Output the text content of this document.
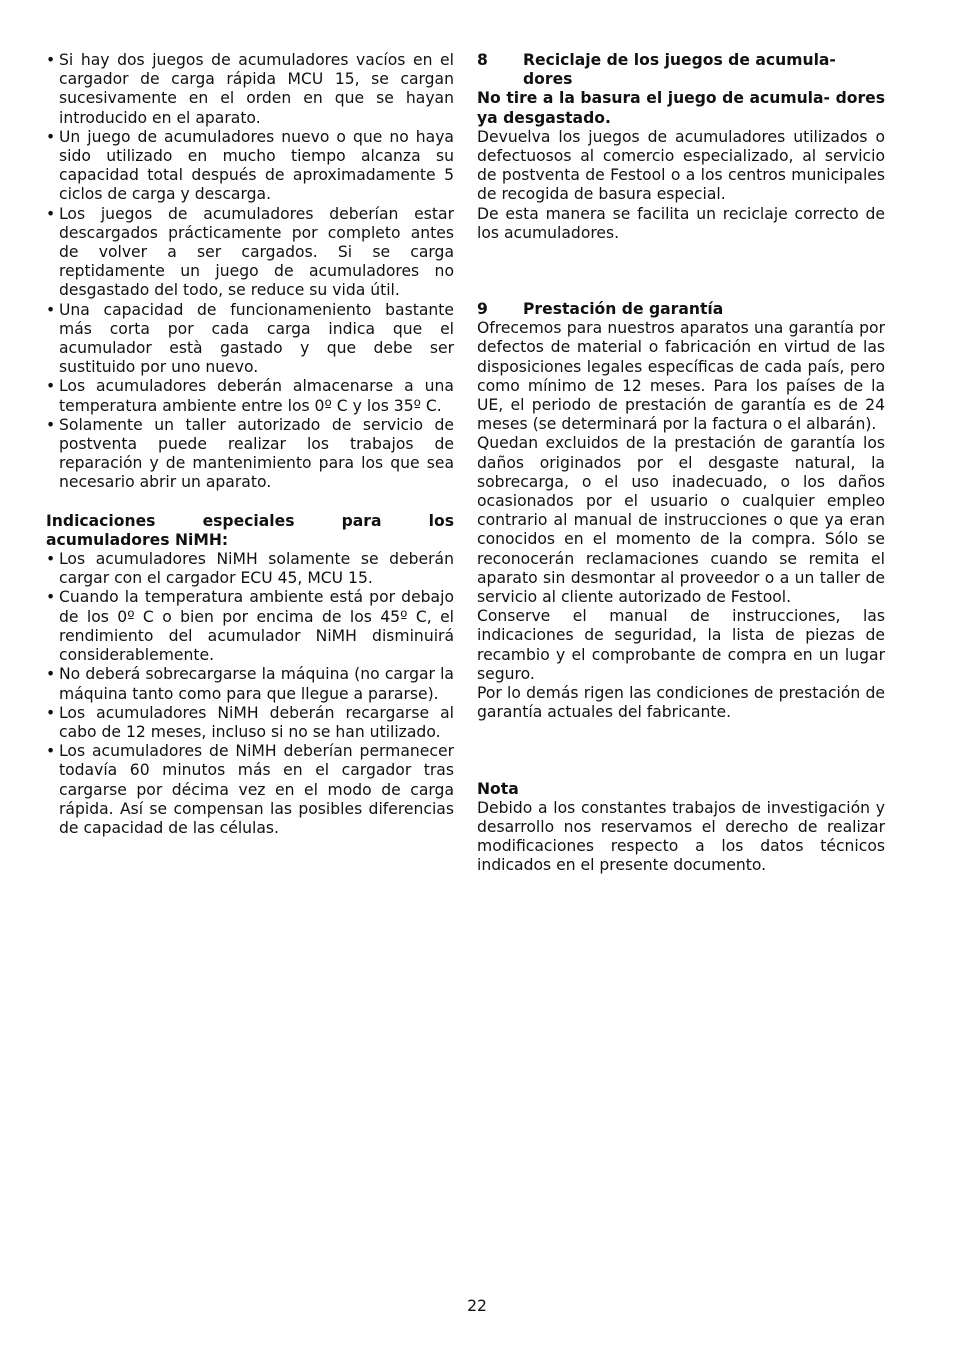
• Si hay dos juegos de acumuladores vacíos en el cargador de carga rápida MCU 15, se cargan sucesivamente en el orden en que se hayan introducido en el aparato.
• Un juego de acumuladores nuevo o que no haya sido utilizado en mucho tiempo alcanza su capacidad total después de aproximadamente 5 ciclos de carga y descarga.
• Los juegos de acumuladores deberían estar descargados prácticamente por completo antes de volver a ser cargados. Si se carga reptidamente un juego de acumuladores no desgastado del todo, se reduce su vida útil.
• Una capacidad de funcionameniento bastante más corta por cada carga indica que el acumulador està gastado y que debe ser sustituido por uno nuevo.
• Los acumuladores deberán almacenarse a una temperatura ambiente entre los 0º C y los 35º C.
• Solamente un taller autorizado de servicio de postventa puede realizar los trabajos de reparación y de mantenimiento para los que sea necesario abrir un aparato.

Indicaciones especiales para los acumuladores NiMH:

• Los acumuladores NiMH solamente se deberán cargar con el cargador ECU 45, MCU 15.
• Cuando la temperatura ambiente está por debajo de los 0º C o bien por encima de los 45º C, el rendimiento del acumulador NiMH disminuirá considerablemente.
• No deberá sobrecargarse la máquina (no cargar la máquina tanto como para que llegue a pararse).
• Los acumuladores NiMH deberán recargarse al cabo de 12 meses, incluso si no se han utilizado.
• Los acumuladores de NiMH deberían permanecer todavía 60 minutos más en el cargador tras cargarse por décima vez en el modo de carga rápida. Así se compensan las posibles diferencias de capacidad de las células.
8	Reciclaje de los juegos de acumula- dores

No tire a la basura el juego de acumula- dores ya desgastado.

Devuelva los juegos de acumuladores utilizados o defectuosos al comercio especializado, al servicio de postventa de Festool o a los centros municipales de recogida de basura especial.

De esta manera se facilita un reciclaje correcto de los acumuladores.

9	Prestación de garantía

Ofrecemos para nuestros aparatos una garantía por defectos de material o fabricación en virtud de las disposiciones legales específicas de cada país, pero como mínimo de 12 meses. Para los países de la UE, el periodo de prestación de garantía es de 24 meses (se determinará por la factura o el albarán).

Quedan excluidos de la prestación de garantía los daños originados por el desgaste natural, la sobrecarga, o el uso inadecuado, o los daños ocasionados por el usuario o cualquier empleo contrario al manual de instrucciones o que ya eran conocidos en el momento de la compra. Sólo se reconocerán reclamaciones cuando se remita el aparato sin desmontar al proveedor o a un taller de servicio al cliente autorizado de Festool.

Conserve el manual de instrucciones, las indicaciones de seguridad, la lista de piezas de recambio y el comprobante de compra en un lugar seguro.

Por lo demás rigen las condiciones de prestación de garantía actuales del fabricante.

Nota

Debido a los constantes trabajos de investigación y desarrollo nos reservamos el derecho de realizar modificaciones respecto a los datos técnicos indicados en el presente documento.

22
